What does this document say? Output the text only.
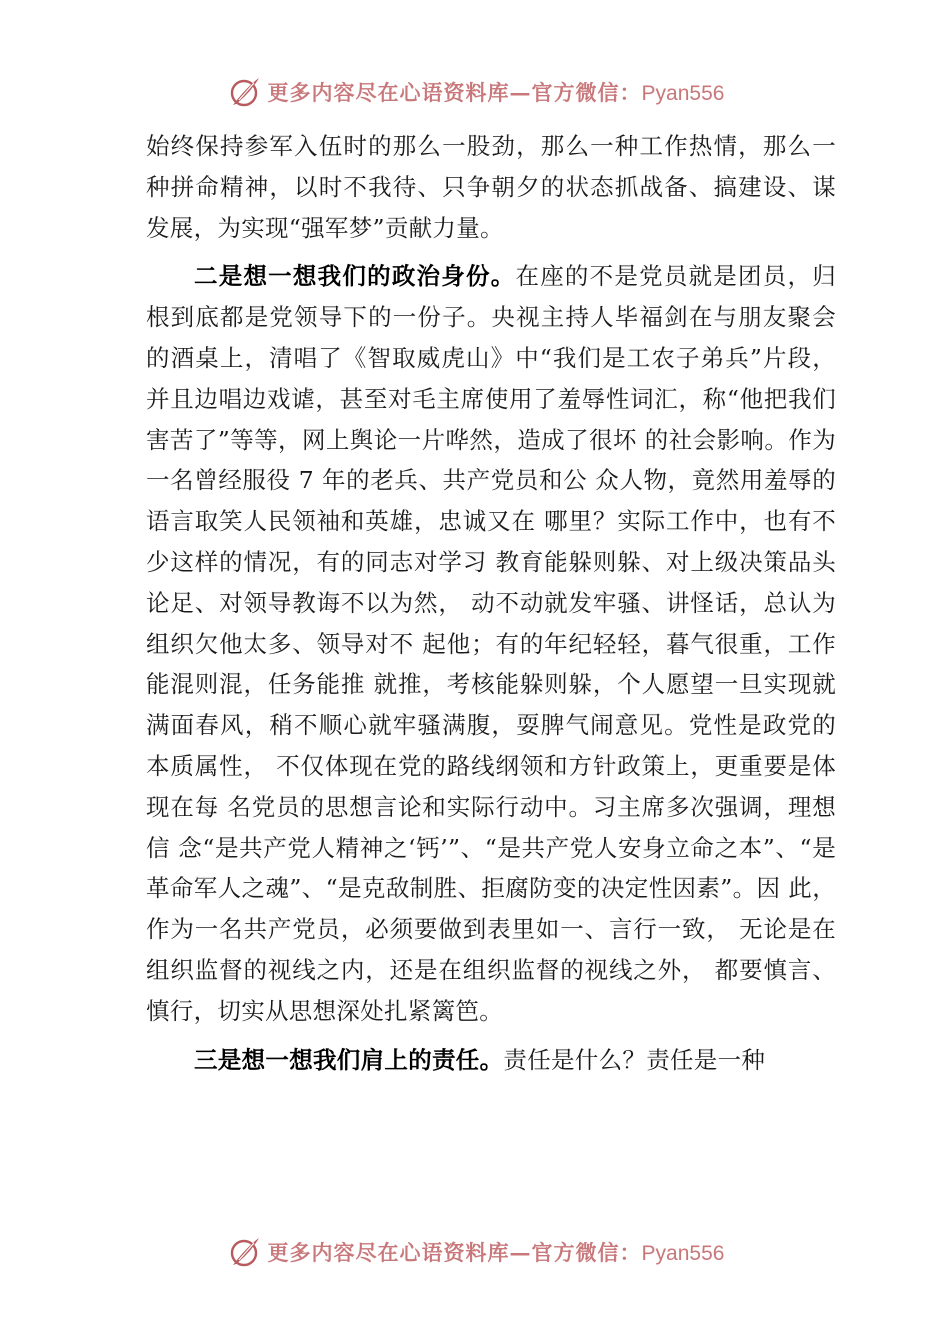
更多内容尽在心语资料库—官方微信：Pyan556

始终保持参军入伍时的那么一股劲，那么一种工作热情，那么一种拼命精神，以时不我待、只争朝夕的状态抓战备、搞建设、谋发展，为实现“强军梦”贡献力量。

二是想一想我们的政治身份。在座的不是党员就是团员，归根到底都是党领导下的一份子。央视主持人毕福剑在与朋友聚会的酒桌上，清唱了《智取威虎山》中“我们是工农子弟兵”片段，并且边唱边戏谑，甚至对毛主席使用了羞辱性词汇，称“他把我们害苦了”等等，网上舆论一片哗然，造成了很坏 的社会影响。作为一名曾经服役 7 年的老兵、共产党员和公 众人物，竟然用羞辱的语言取笑人民领袖和英雄，忠诚又在 哪里？实际工作中，也有不少这样的情况，有的同志对学习 教育能躲则躲、对上级决策品头论足、对领导教诲不以为然， 动不动就发牢骚、讲怪话，总认为组织欠他太多、领导对不 起他；有的年纪轻轻，暮气很重，工作能混则混，任务能推 就推，考核能躲则躲，个人愿望一旦实现就满面春风，稍不顺心就牢骚满腹，耍脾气闹意见。党性是政党的本质属性， 不仅体现在党的路线纲领和方针政策上，更重要是体现在每 名党员的思想言论和实际行动中。习主席多次强调，理想信 念“是共产党人精神之‘钙’”、“是共产党人安身立命之本”、“是 革命军人之魂”、“是克敌制胜、拒腐防变的决定性因素”。因 此，作为一名共产党员，必须要做到表里如一、言行一致， 无论是在组织监督的视线之内，还是在组织监督的视线之外， 都要慎言、慎行，切实从思想深处扎紧篱笆。

三是想一想我们肩上的责任。责任是什么？责任是一种

更多内容尽在心语资料库—官方微信：Pyan556
